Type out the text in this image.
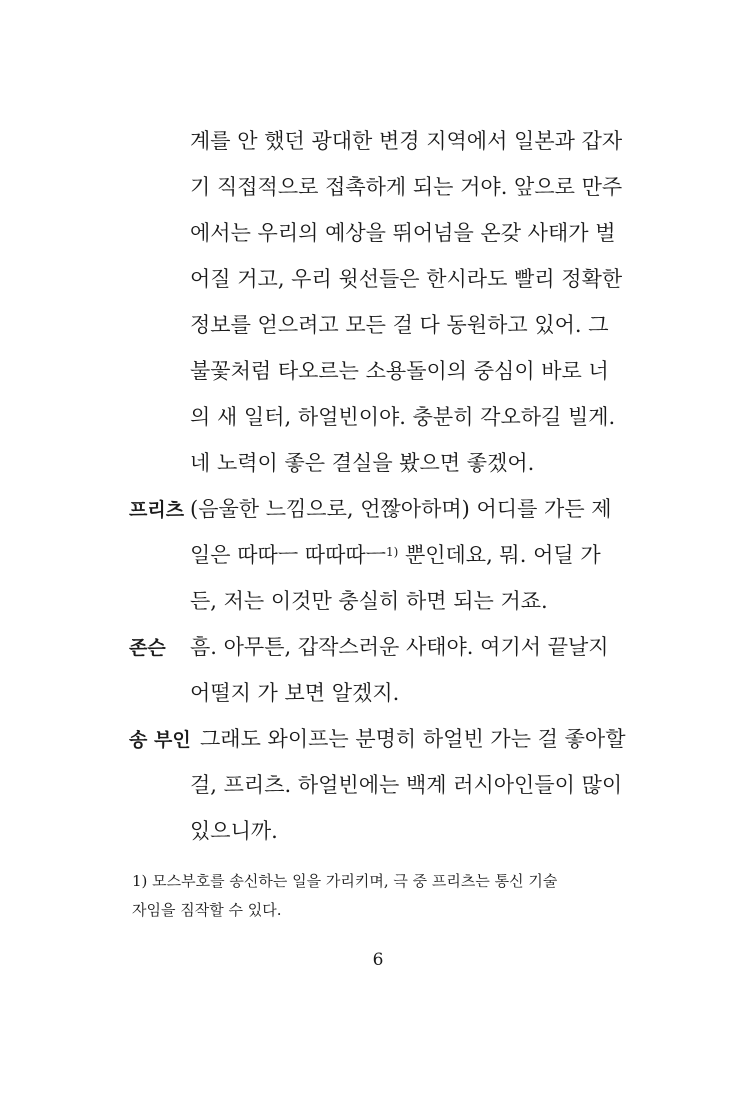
계를 안 했던 광대한 변경 지역에서 일본과 갑자
기 직접적으로 접촉하게 되는 거야. 앞으로 만주
에서는 우리의 예상을 뛰어넘을 온갖 사태가 벌
어질 거고, 우리 윗선들은 한시라도 빨리 정확한
정보를 얻으려고 모든 걸 다 동원하고 있어. 그
불꽃처럼 타오르는 소용돌이의 중심이 바로 너
의 새 일터, 하얼빈이야. 충분히 각오하길 빌게.
네 노력이 좋은 결실을 봤으면 좋겠어.
프리츠 (음울한 느낌으로, 언짢아하며) 어디를 가든 제
일은 따따ㅡ 따따따ㅡ$^{1)}$ 뿐인데요, 뭐. 어딜 가
든, 저는 이것만 충실히 하면 되는 거죠.
존슨 흠. 아무튼, 갑작스러운 사태야. 여기서 끝날지
어떨지 가 보면 알겠지.
송 부인 그래도 와이프는 분명히 하얼빈 가는 걸 좋아할
걸, 프리츠. 하얼빈에는 백계 러시아인들이 많이
있으니까.
1) 모스부호를 송신하는 일을 가리키며, 극 중 프리츠는 통신 기술
자임을 짐작할 수 있다.
6
